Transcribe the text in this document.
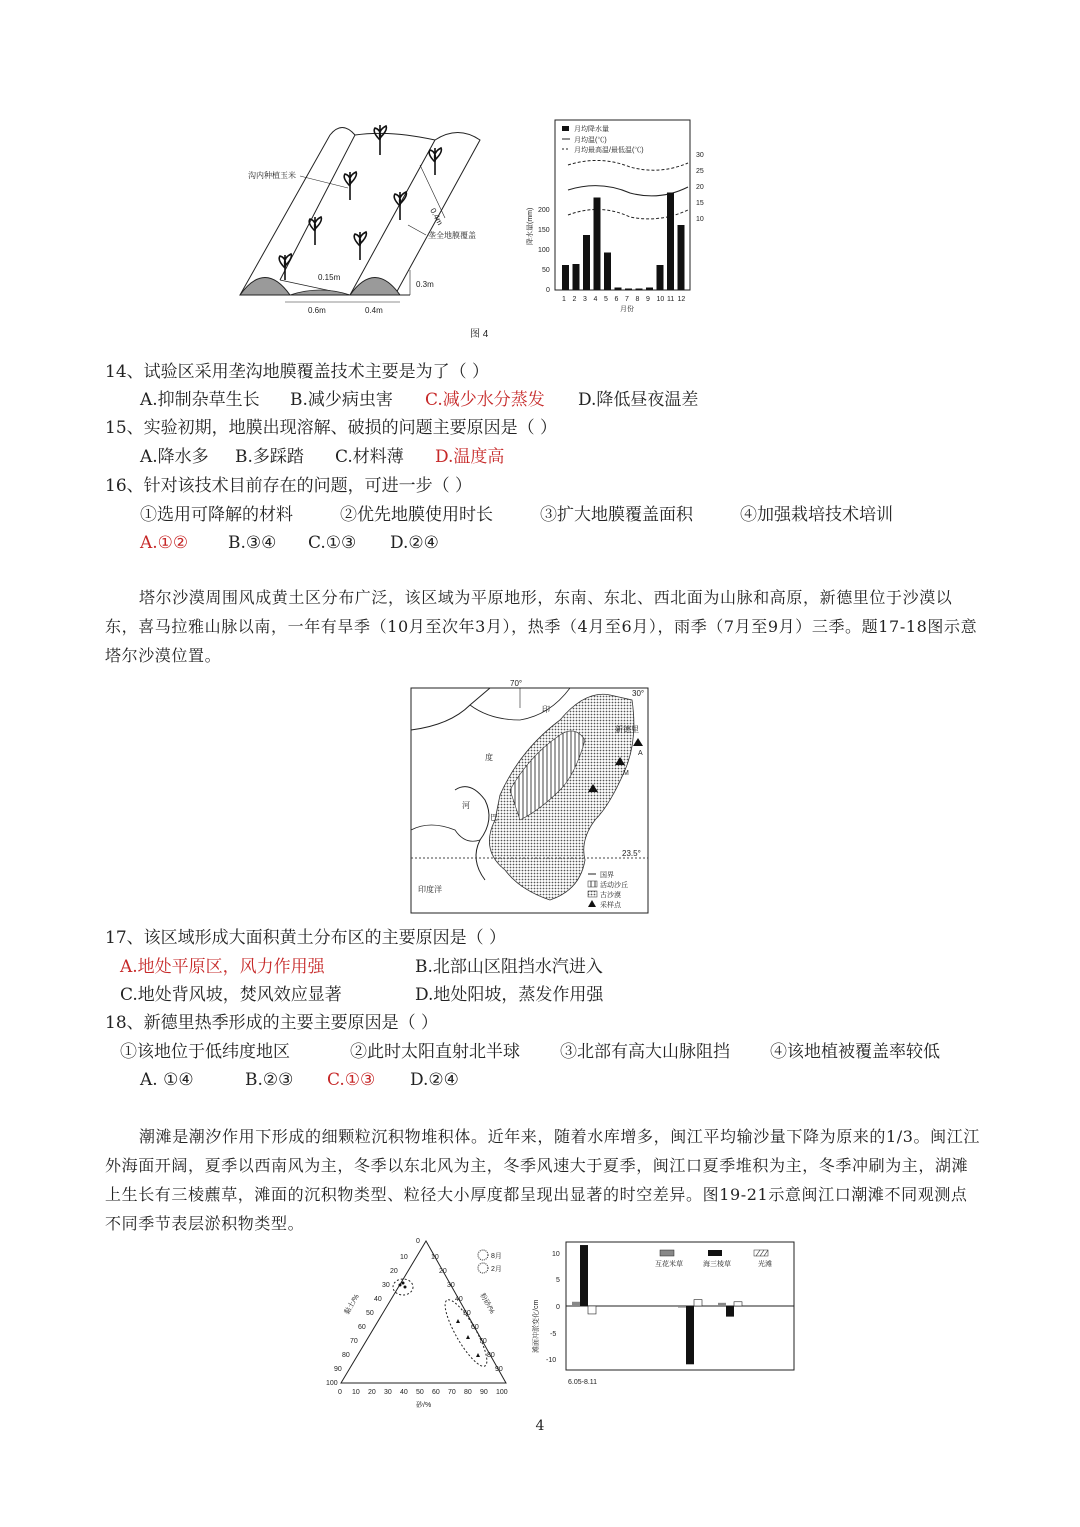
沟内种植玉米
垄全地膜覆盖
0.4m
0.15m
0.3m
0.6m	0.4m
月均降水量
月均温(℃)
月均最高温/最低温(℃)
200
150
100
50
0
30
25
20
15
10
降水量(mm)
1 2 3 4 5 6 7 8 9 10 11 12
月份
图 4
14、试验区采用垄沟地膜覆盖技术主要是为了（ ）
A.抑制杂草生长 B.减少病虫害 C.减少水分蒸发 D.降低昼夜温差
15、实验初期，地膜出现溶解、破损的问题主要原因是（ ）
A.降水多 B.多踩踏 C.材料薄 D.温度高
16、针对该技术目前存在的问题，可进一步（ ）
①选用可降解的材料	②优先地膜使用时长	③扩大地膜覆盖面积	④加强栽培技术培训
A.①② B.③④ C.①③ D.②④
塔尔沙漠周围风成黄土区分布广泛，该区域为平原地形，东南、东北、西北面为山脉和高原，新德里位于沙漠以东，喜马拉雅山脉以南，一年有旱季（10月至次年3月），热季（4月至6月），雨季（7月至9月）三季。题17-18图示意塔尔沙漠位置。
70°
30°
23.5°
新德里
A
M
印度洋
印
度
河
巴
国界
活动沙丘
古沙漠
采样点
17、该区域形成大面积黄土分布区的主要原因是（ ）
A.地处平原区，风力作用强	B.北部山区阻挡水汽进入
C.地处背风坡，焚风效应显著	D.地处阳坡，蒸发作用强
18、新德里热季形成的主要主要原因是（ ）
①该地位于低纬度地区	②此时太阳直射北半球 ③北部有高大山脉阻挡 ④该地植被覆盖率较低
A. ①④	B.②③ C.①③ D.②④
潮滩是潮汐作用下形成的细颗粒沉积物堆积体。近年来，随着水库增多，闽江平均输沙量下降为原来的1/3。闽江江外海面开阔，夏季以西南风为主，冬季以东北风为主，冬季风速大于夏季，闽江口夏季堆积为主，冬季冲刷为主，湖滩上生长有三棱藨草，滩面的沉积物类型、粒径大小厚度都呈现出显著的时空差异。图19-21示意闽江口潮滩不同观测点不同季节表层淤积物类型。
8月
2月
黏土/%	粉砂/%
砂/%
0 10 20 30 40 50 60 70 80 90 100
100
90
80
70
60
50
40
30
20
10
0
10
20
30
40
50
60
70
80
90
10
5
0
-5
-10
滩面冲淤变化/cm
6.05-8.11
互花米草	海三棱草	光滩
4
